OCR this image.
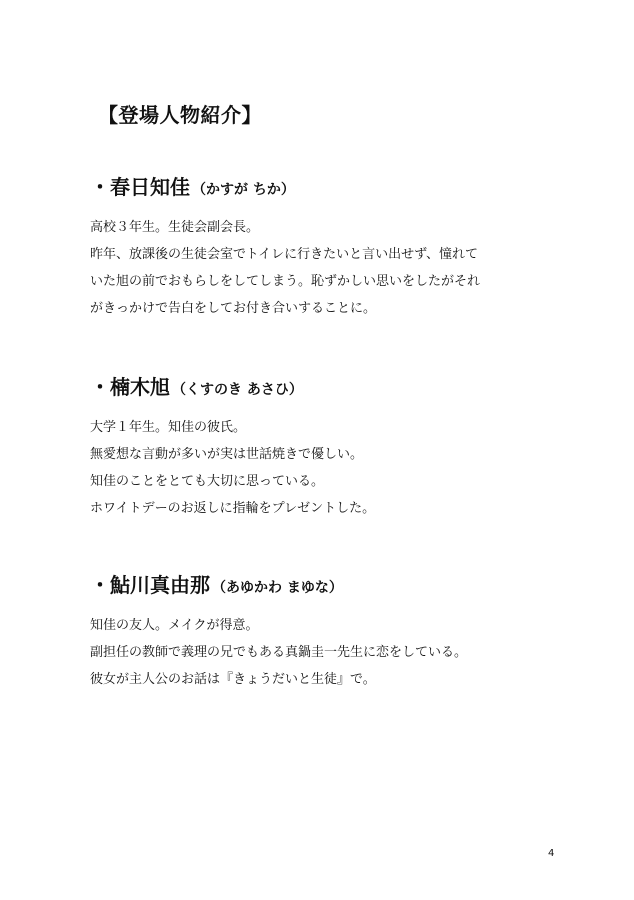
【登場人物紹介】
・春日知佳 （かすが ちか）
高校３年生。生徒会副会長。
昨年、放課後の生徒会室でトイレに行きたいと言い出せず、憧れて
いた旭の前でおもらしをしてしまう。恥ずかしい思いをしたがそれ
がきっかけで告白をしてお付き合いすることに。
・楠木旭 （くすのき あさひ）
大学１年生。知佳の彼氏。
無愛想な言動が多いが実は世話焼きで優しい。
知佳のことをとても大切に思っている。
ホワイトデーのお返しに指輪をプレゼントした。
・鮎川真由那 （あゆかわ まゆな）
知佳の友人。メイクが得意。
副担任の教師で義理の兄でもある真鍋圭一先生に恋をしている。
彼女が主人公のお話は『きょうだいと生徒』で。
4
